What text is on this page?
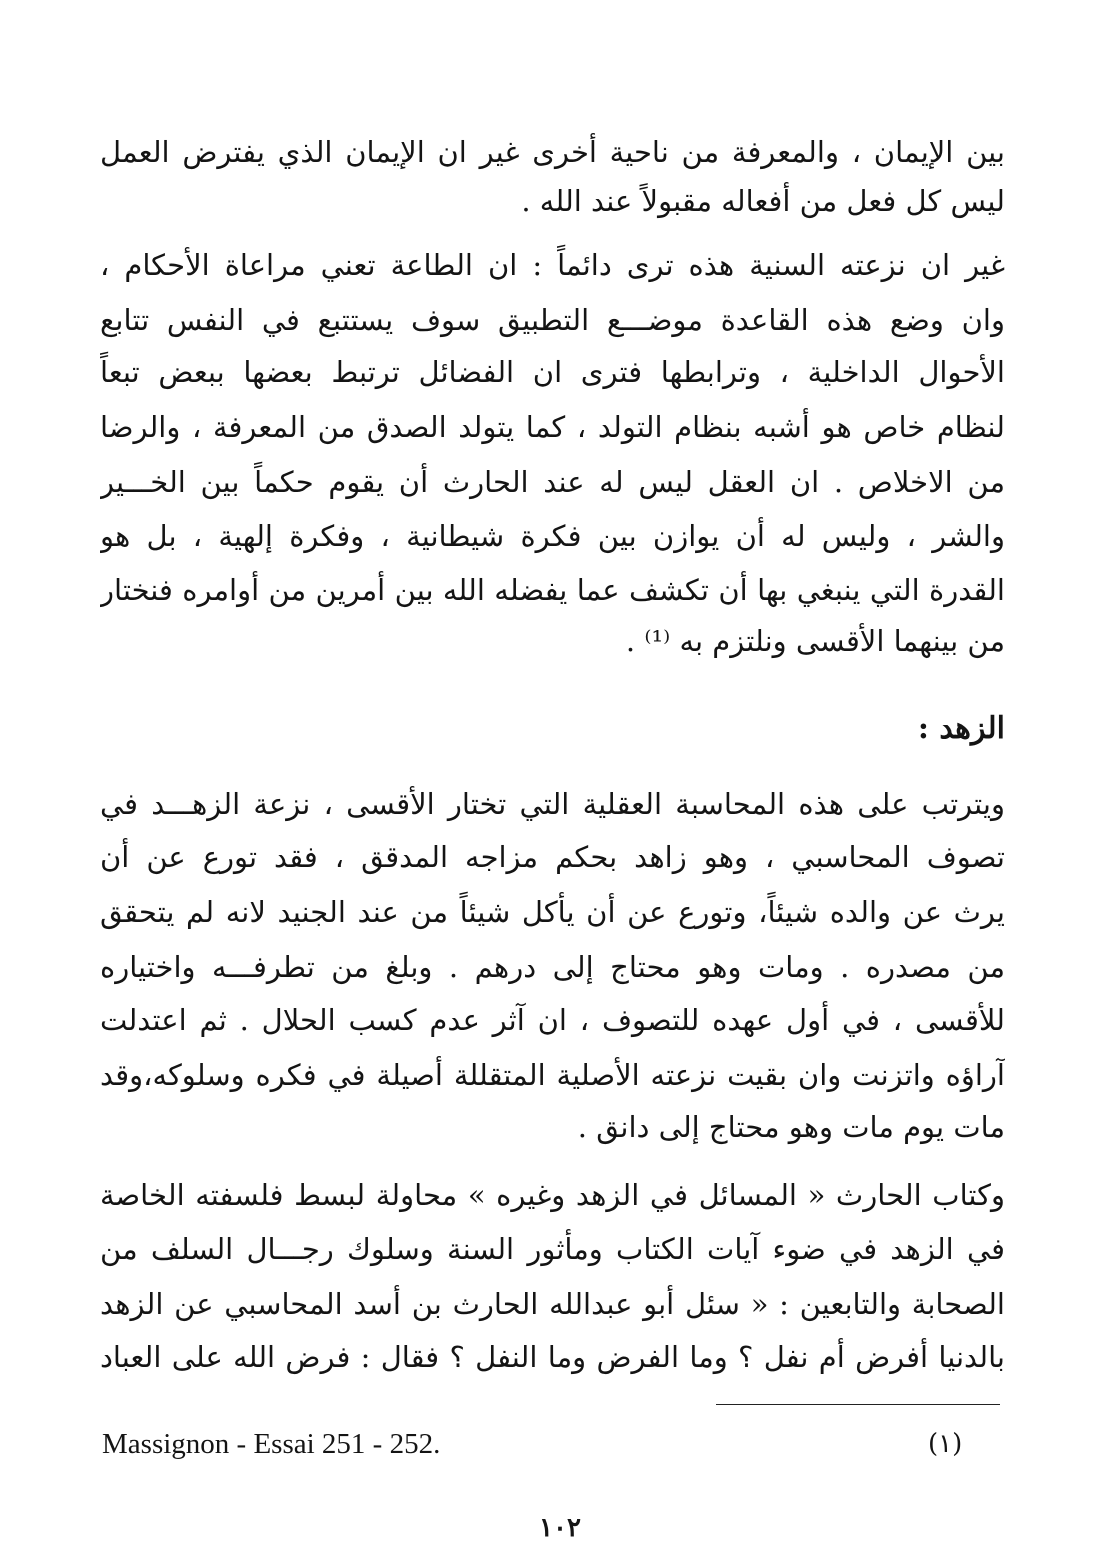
بين الإيمان ، والمعرفة من ناحية أخرى غير ان الإيمان الذي يفترض العمل
ليس كل فعل من أفعاله مقبولاً عند الله .
غير ان نزعته السنية هذه ترى دائماً : ان الطاعة تعني مراعاة الأحكام ،
وان وضع هذه القاعدة موضـــع التطبيق سوف يستتبع في النفس تتابع
الأحوال الداخلية ، وترابطها فترى ان الفضائل ترتبط بعضها ببعض تبعاً
لنظام خاص هو أشبه بنظام التولد ، كما يتولد الصدق من المعرفة ، والرضا
من الاخلاص . ان العقل ليس له عند الحارث أن يقوم حكماً بين الخـــير
والشر ، وليس له أن يوازن بين فكرة شيطانية ، وفكرة إلهية ، بل هو
القدرة التي ينبغي بها أن تكشف عما يفضله الله بين أمرين من أوامره فنختار
من بينهما الأقسى ونلتزم به ⁽¹⁾ .
الزهد :
ويترتب على هذه المحاسبة العقلية التي تختار الأقسى ، نزعة الزهـــد في
تصوف المحاسبي ، وهو زاهد بحكم مزاجه المدقق ، فقد تورع عن أن
يرث عن والده شيئاً، وتورع عن أن يأكل شيئاً من عند الجنيد لانه لم يتحقق
من مصدره . ومات وهو محتاج إلى درهم . وبلغ من تطرفـــه واختياره
للأقسى ، في أول عهده للتصوف ، ان آثر عدم كسب الحلال . ثم اعتدلت
آراؤه واتزنت وان بقيت نزعته الأصلية المتقللة أصيلة في فكره وسلوكه،وقد
مات يوم مات وهو محتاج إلى دانق .
وكتاب الحارث « المسائل في الزهد وغيره » محاولة لبسط فلسفته الخاصة
في الزهد في ضوء آيات الكتاب ومأثور السنة وسلوك رجـــال السلف من
الصحابة والتابعين : « سئل أبو عبدالله الحارث بن أسد المحاسبي عن الزهد
بالدنيا أفرض أم نفل ؟ وما الفرض وما النفل ؟ فقال : فرض الله على العباد
Massignon - Essai 251 - 252.	(١)
١٠٢
